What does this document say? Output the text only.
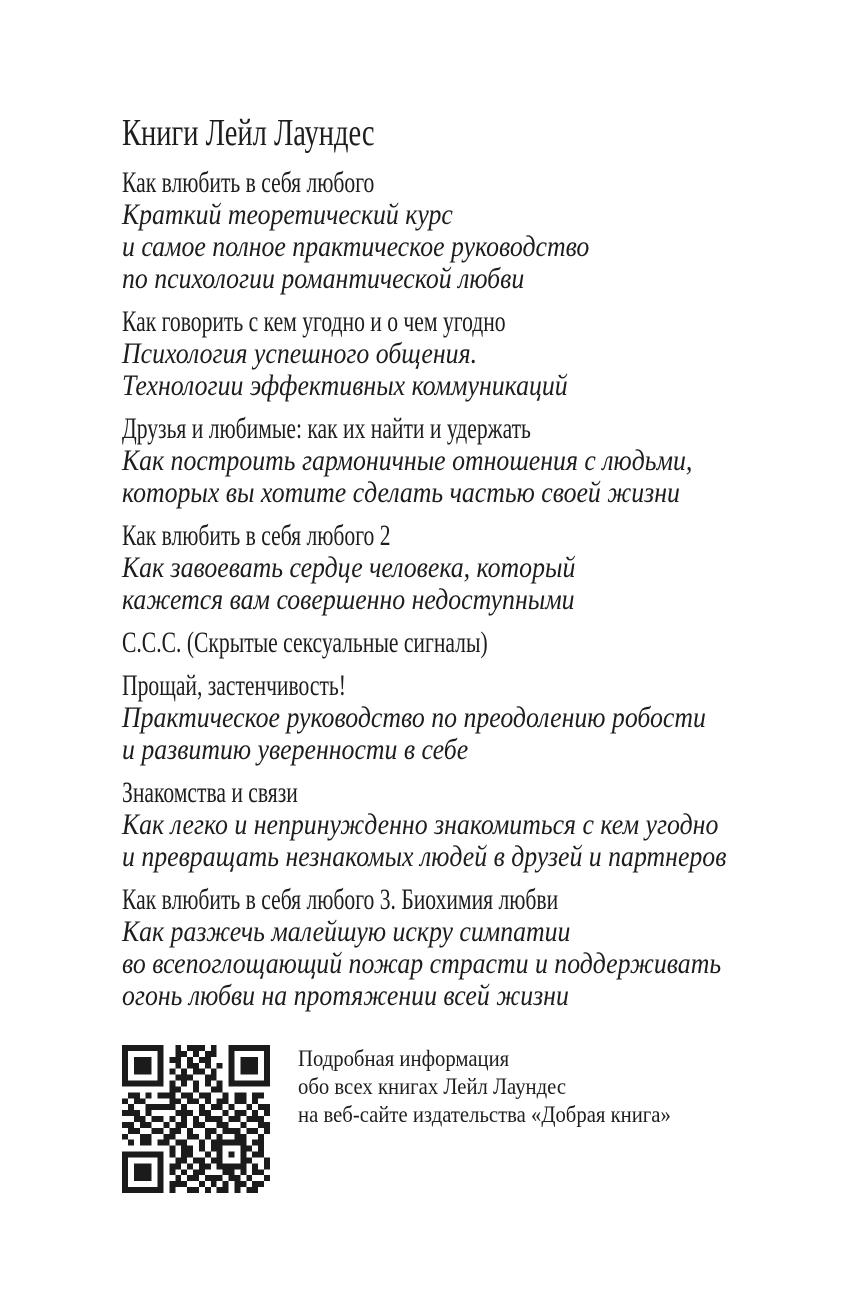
Книги Лейл Лаундес
Как влюбить в себя любого
Краткий теоретический курс
и самое полное практическое руководство
по психологии романтической любви
Как говорить с кем угодно и о чем угодно
Психология успешного общения.
Технологии эффективных коммуникаций
Друзья и любимые: как их найти и удержать
Как построить гармоничные отношения с людьми,
которых вы хотите сделать частью своей жизни
Как влюбить в себя любого 2
Как завоевать сердце человека, который
кажется вам совершенно недоступными
С.С.С. (Скрытые сексуальные сигналы)
Прощай, застенчивость!
Практическое руководство по преодолению робости
и развитию уверенности в себе
Знакомства и связи
Как легко и непринужденно знакомиться с кем угодно
и превращать незнакомых людей в друзей и партнеров
Как влюбить в себя любого 3. Биохимия любви
Как разжечь малейшую искру симпатии
во всепоглощающий пожар страсти и поддерживать
огонь любви на протяжении всей жизни
Подробная информация
обо всех книгах Лейл Лаундес
на веб-сайте издательства «Добрая книга»
